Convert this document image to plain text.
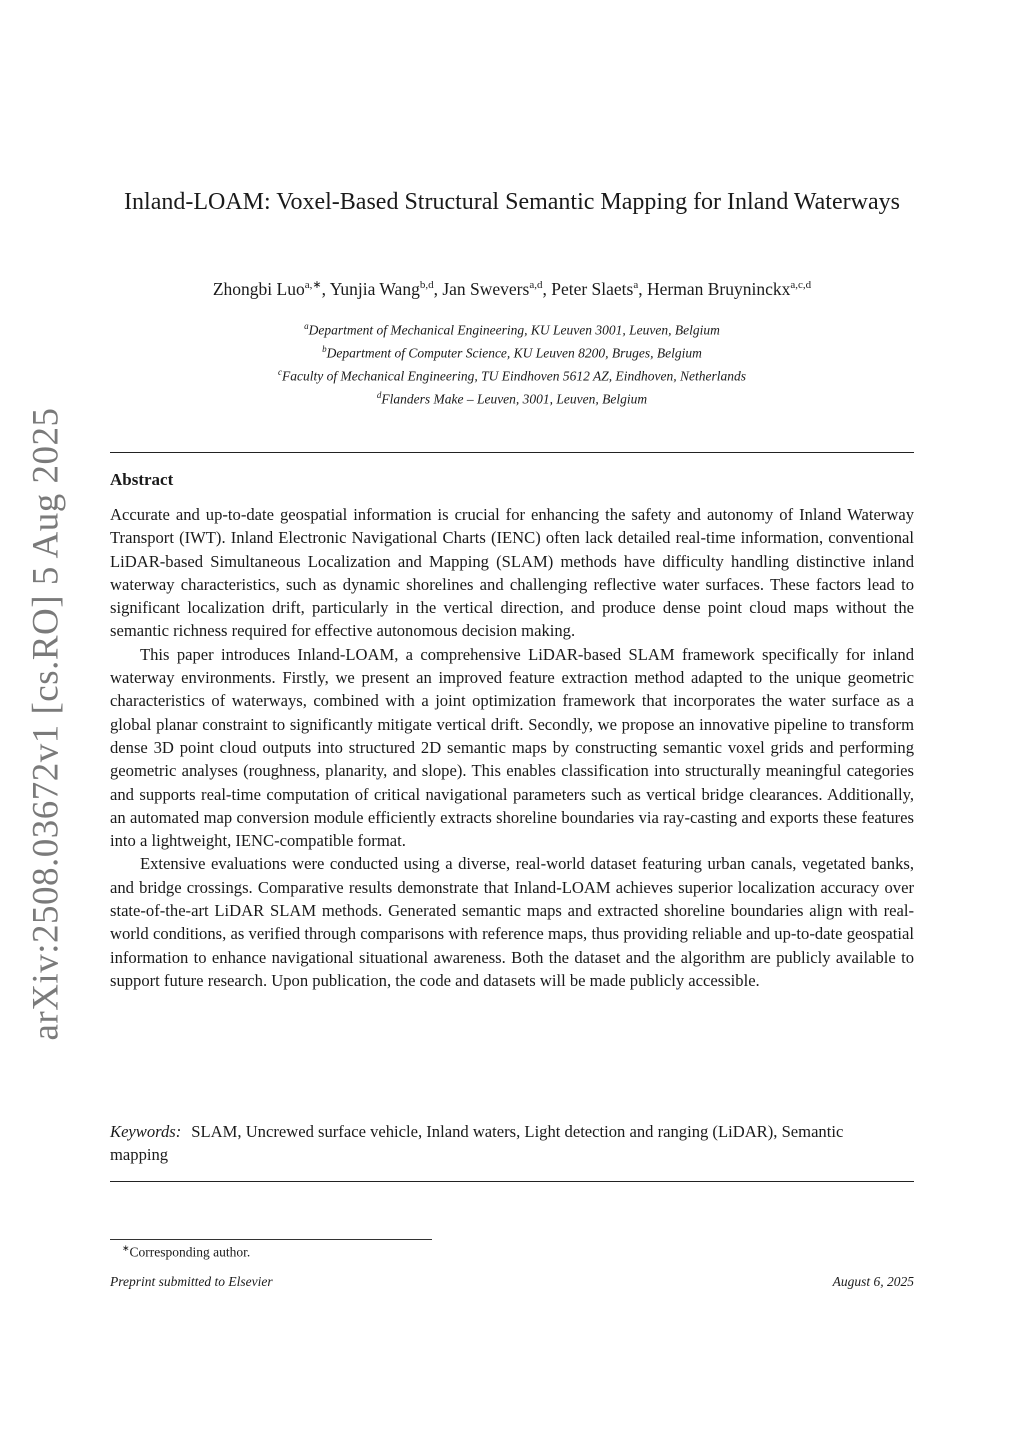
arXiv:2508.03672v1 [cs.RO] 5 Aug 2025
Inland-LOAM: Voxel-Based Structural Semantic Mapping for Inland Waterways
Zhongbi Luo$^{a,∗}$, Yunjia Wang$^{b,d}$, Jan Swevers$^{a,d}$, Peter Slaets$^a$, Herman Bruyninckx$^{a,c,d}$
$^a$Department of Mechanical Engineering, KU Leuven 3001, Leuven, Belgium
$^b$Department of Computer Science, KU Leuven 8200, Bruges, Belgium
$^c$Faculty of Mechanical Engineering, TU Eindhoven 5612 AZ, Eindhoven, Netherlands
$^d$Flanders Make – Leuven, 3001, Leuven, Belgium
Abstract

Accurate and up-to-date geospatial information is crucial for enhancing the safety and autonomy of Inland Waterway Transport (IWT). Inland Electronic Navigational Charts (IENC) often lack detailed real-time information, conventional LiDAR-based Simultaneous Localization and Mapping (SLAM) methods have difficulty handling distinctive inland waterway characteristics, such as dynamic shorelines and challenging reflective water surfaces. These factors lead to significant localization drift, particularly in the vertical direction, and produce dense point cloud maps without the semantic richness required for effective autonomous decision making.

This paper introduces Inland-LOAM, a comprehensive LiDAR-based SLAM framework specifically for inland waterway environments. Firstly, we present an improved feature extraction method adapted to the unique geometric characteristics of waterways, combined with a joint optimization framework that incorporates the water surface as a global planar constraint to significantly mitigate vertical drift. Secondly, we propose an innovative pipeline to transform dense 3D point cloud outputs into structured 2D semantic maps by constructing semantic voxel grids and performing geometric analyses (roughness, planarity, and slope). This enables classification into structurally meaningful categories and supports real-time computation of critical navigational parameters such as vertical bridge clearances. Additionally, an automated map conversion module efficiently extracts shoreline boundaries via ray-casting and exports these features into a lightweight, IENC-compatible format.

Extensive evaluations were conducted using a diverse, real-world dataset featuring urban canals, vegetated banks, and bridge crossings. Comparative results demonstrate that Inland-LOAM achieves superior localization accuracy over state-of-the-art LiDAR SLAM methods. Generated semantic maps and extracted shoreline boundaries align with real-world conditions, as verified through comparisons with reference maps, thus providing reliable and up-to-date geospatial information to enhance navigational situational awareness. Both the dataset and the algorithm are publicly available to support future research. Upon publication, the code and datasets will be made publicly accessible.

Keywords: SLAM, Uncrewed surface vehicle, Inland waters, Light detection and ranging (LiDAR), Semantic mapping
∗Corresponding author.
Preprint submitted to Elsevier	August 6, 2025
